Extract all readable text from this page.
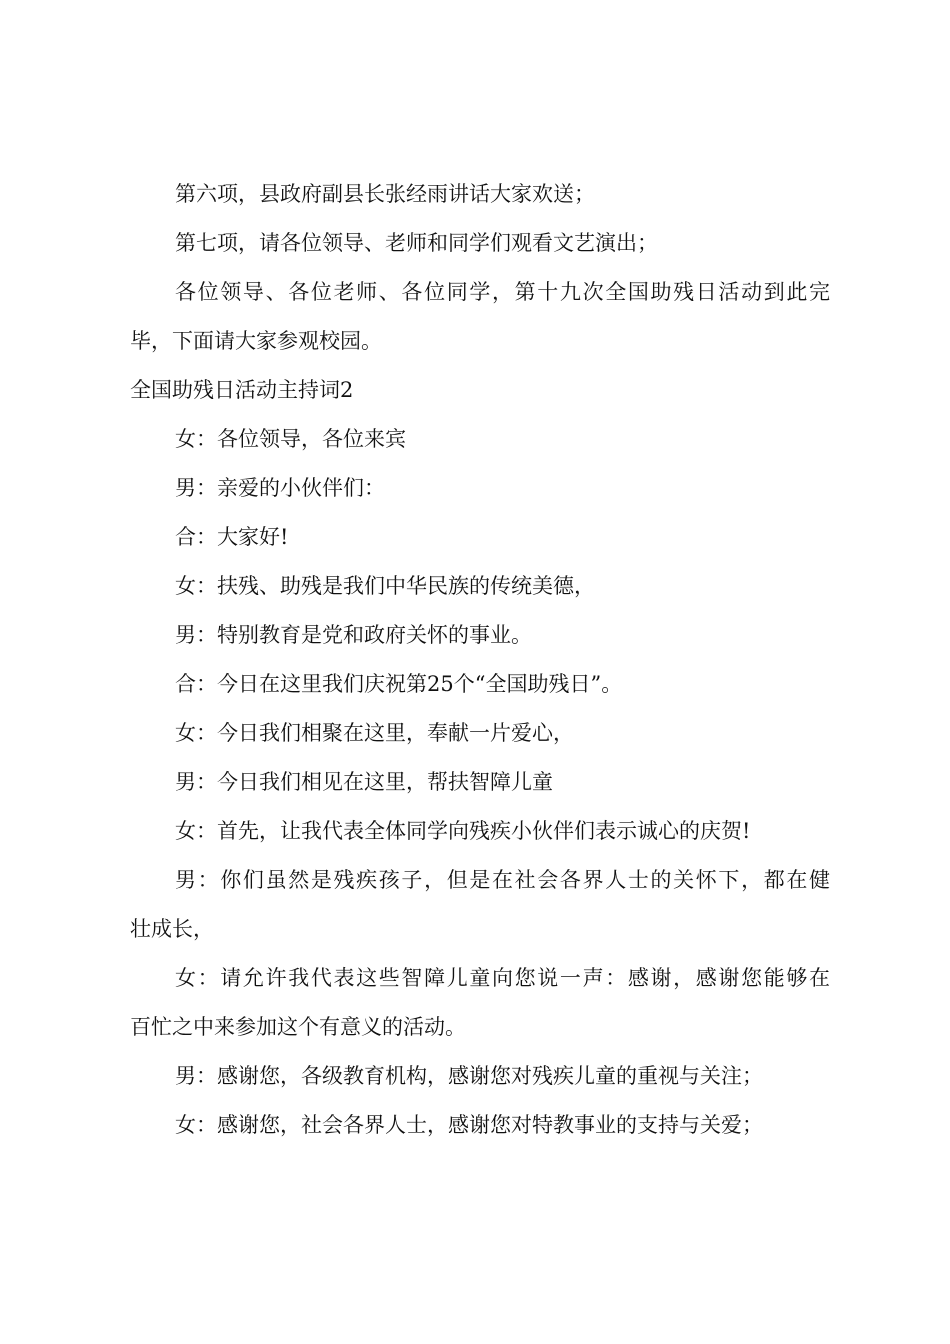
第六项，县政府副县长张经雨讲话大家欢送；
第七项，请各位领导、老师和同学们观看文艺演出；
各位领导、各位老师、各位同学，第十九次全国助残日活动到此完
毕，下面请大家参观校园。
全国助残日活动主持词2
女：各位领导，各位来宾
男：亲爱的小伙伴们：
合：大家好!
女：扶残、助残是我们中华民族的传统美德，
男：特别教育是党和政府关怀的事业。
合：今日在这里我们庆祝第25个“全国助残日”。
女：今日我们相聚在这里，奉献一片爱心，
男：今日我们相见在这里，帮扶智障儿童
女：首先，让我代表全体同学向残疾小伙伴们表示诚心的庆贺!
男：你们虽然是残疾孩子，但是在社会各界人士的关怀下，都在健
壮成长，
女：请允许我代表这些智障儿童向您说一声：感谢，感谢您能够在
百忙之中来参加这个有意义的活动。
男：感谢您，各级教育机构，感谢您对残疾儿童的重视与关注；
女：感谢您，社会各界人士，感谢您对特教事业的支持与关爱；
